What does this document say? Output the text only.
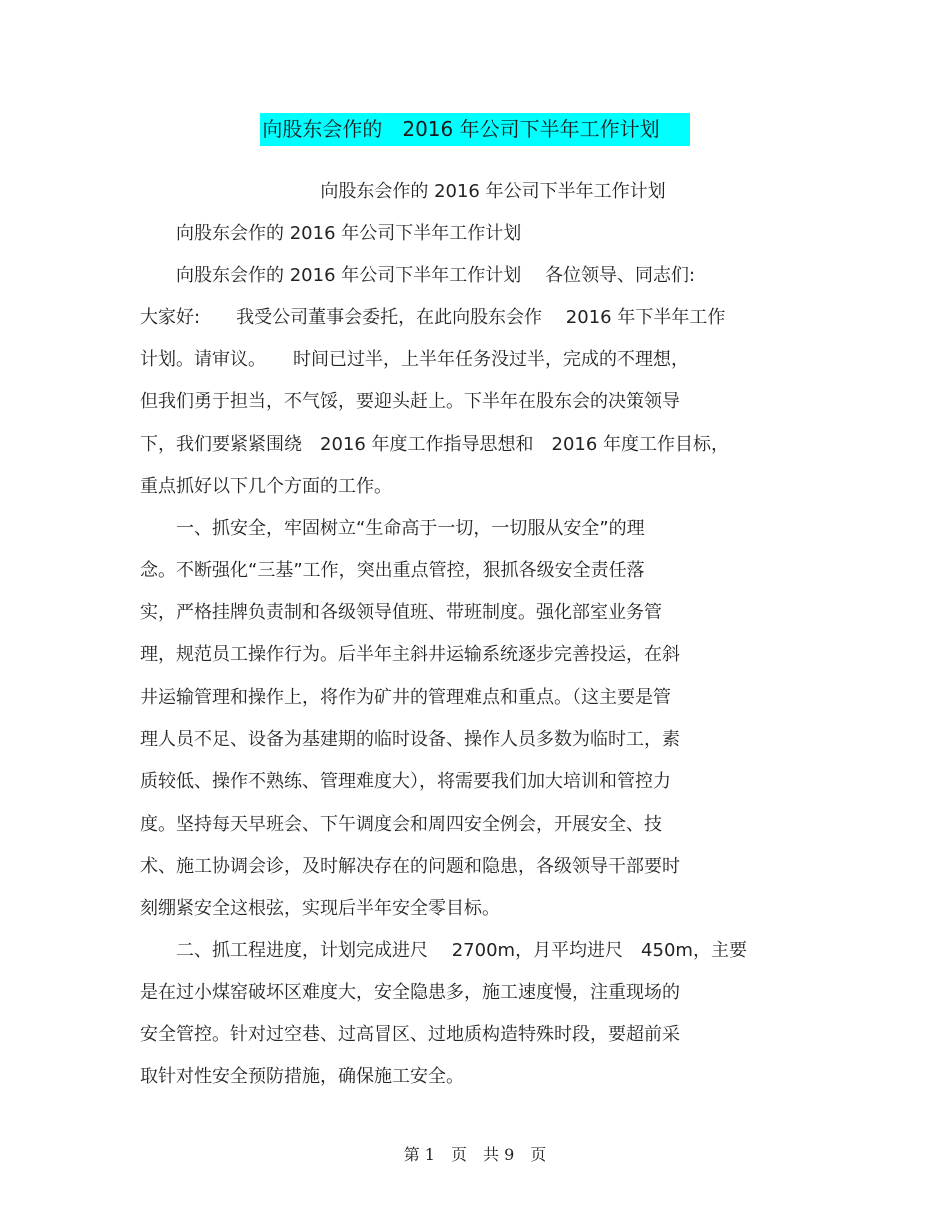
向股东会作的　2016 年公司下半年工作计划
向股东会作的 2016 年公司下半年工作计划
　　向股东会作的 2016 年公司下半年工作计划
　　向股东会作的 2016 年公司下半年工作计划　 各位领导、同志们:
大家好:　　我受公司董事会委托，在此向股东会作　 2016 年下半年工作
计划。请审议。　　时间已过半，上半年任务没过半，完成的不理想，
但我们勇于担当，不气馁，要迎头赶上。下半年在股东会的决策领导
下，我们要紧紧围绕　2016 年度工作指导思想和　2016 年度工作目标，
重点抓好以下几个方面的工作。
　　一、抓安全，牢固树立“生命高于一切，一切服从安全”的理
念。不断强化“三基”工作，突出重点管控，狠抓各级安全责任落
实，严格挂牌负责制和各级领导值班、带班制度。强化部室业务管
理，规范员工操作行为。后半年主斜井运输系统逐步完善投运，在斜
井运输管理和操作上，将作为矿井的管理难点和重点。（这主要是管
理人员不足、设备为基建期的临时设备、操作人员多数为临时工，素
质较低、操作不熟练、管理难度大），将需要我们加大培训和管控力
度。坚持每天早班会、下午调度会和周四安全例会，开展安全、技
术、施工协调会诊，及时解决存在的问题和隐患，各级领导干部要时
刻绷紧安全这根弦，实现后半年安全零目标。
　　二、抓工程进度，计划完成进尺　 2700m，月平均进尺　450m，主要
是在过小煤窑破坏区难度大，安全隐患多，施工速度慢，注重现场的
安全管控。针对过空巷、过高冒区、过地质构造特殊时段，要超前采
取针对性安全预防措施，确保施工安全。
第 1　页　共 9　页
